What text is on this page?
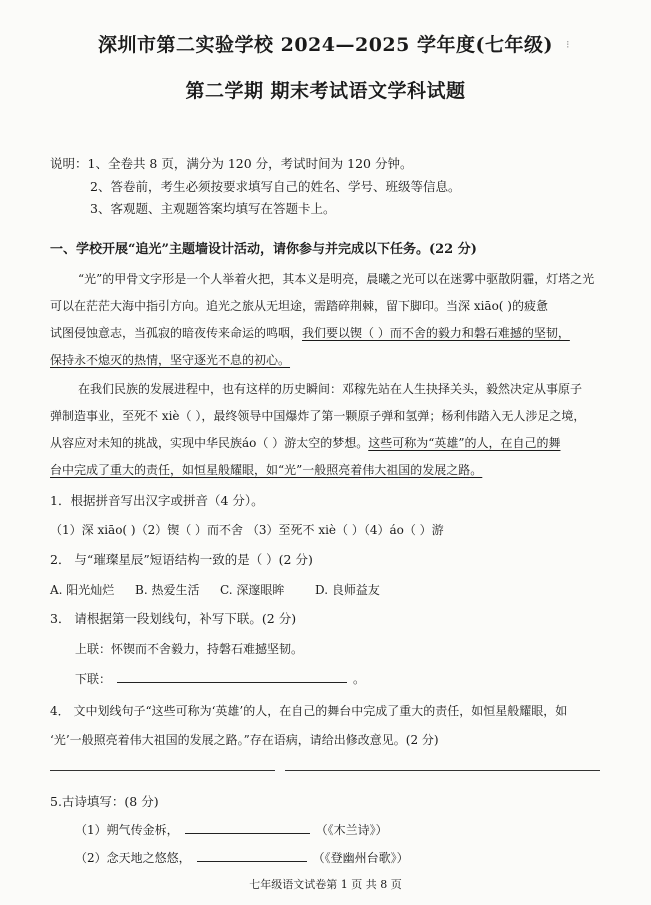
深圳市第二实验学校 2024—2025 学年度(七年级)	⁝
第二学期 期末考试语文学科试题
说明：1、全卷共 8 页，满分为 120 分，考试时间为 120 分钟。
2、答卷前，考生必须按要求填写自己的姓名、学号、班级等信息。
3、客观题、主观题答案均填写在答题卡上。
一、学校开展“追光”主题墙设计活动，请你参与并完成以下任务。(22 分)
“光”的甲骨文字形是一个人举着火把，其本义是明亮，晨曦之光可以在迷雾中驱散阴霾，灯塔之光
可以在茫茫大海中指引方向。追光之旅从无坦途，需踏碎荆棘，留下脚印。当深 xiāo( )的疲惫
试图侵蚀意志，当孤寂的暗夜传来命运的鸣咽，我们要以锲（ ）而不舍的毅力和磐石难撼的坚韧，
保持永不熄灭的热情，坚守逐光不息的初心。
在我们民族的发展进程中，也有这样的历史瞬间：邓稼先站在人生抉择关头，毅然决定从事原子
弹制造事业，至死不 xiè（ ），最终领导中国爆炸了第一颗原子弹和氢弹；杨利伟踏入无人涉足之境，
从容应对未知的挑战，实现中华民族áo（ ）游太空的梦想。这些可称为“英雄”的人，在自己的舞
台中完成了重大的责任，如恒星般耀眼，如“光”一般照亮着伟大祖国的发展之路。
1．根据拼音写出汉字或拼音（4 分）。
（1）深 xiāo( )（2）锲（ ）而不舍 （3）至死不 xiè（ ）（4）áo（ ）游
2． 与“璀璨星辰”短语结构一致的是（ ）(2 分)
A. 阳光灿烂 B. 热爱生活 C. 深邃眼眸	D. 良师益友
3． 请根据第一段划线句，补写下联。(2 分)
上联：怀锲而不舍毅力，持磐石难撼坚韧。
下联：	。
4． 文中划线句子“这些可称为‘英雄’的人，在自己的舞台中完成了重大的责任，如恒星般耀眼，如
‘光’一般照亮着伟大祖国的发展之路。”存在语病，请给出修改意见。(2 分)
5.古诗填写：(8 分)
（1）朔气传金柝，	（《木兰诗》）
（2）念天地之悠悠，	（《登幽州台歌》）
七年级语文试卷第 1 页 共 8 页
